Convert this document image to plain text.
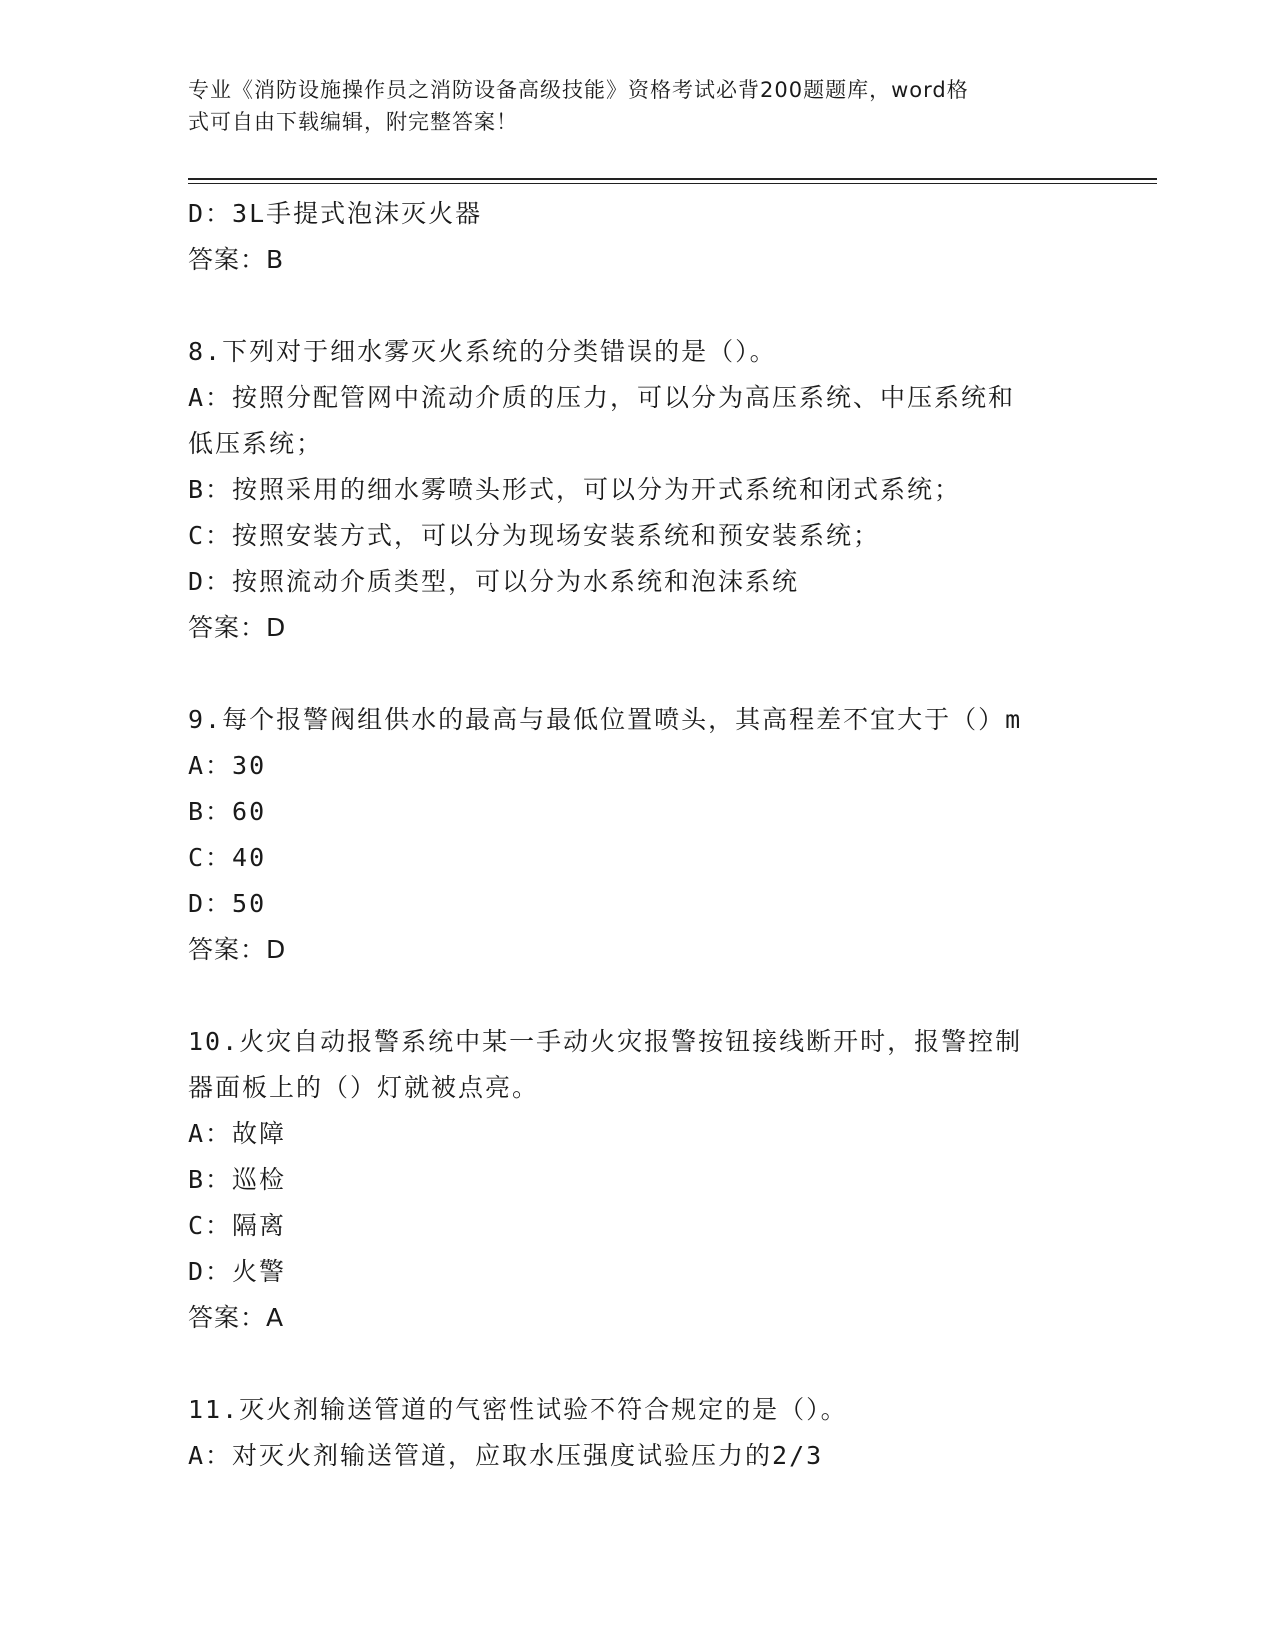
专业《消防设施操作员之消防设备高级技能》资格考试必背200题题库，word格
式可自由下载编辑，附完整答案！
D：3L手提式泡沫灭火器
答案：B
8.下列对于细水雾灭火系统的分类错误的是（）。
A：按照分配管网中流动介质的压力，可以分为高压系统、中压系统和
低压系统；
B：按照采用的细水雾喷头形式，可以分为开式系统和闭式系统；
C：按照安装方式，可以分为现场安装系统和预安装系统；
D：按照流动介质类型，可以分为水系统和泡沫系统
答案：D
9.每个报警阀组供水的最高与最低位置喷头，其高程差不宜大于（）m
A：30
B：60
C：40
D：50
答案：D
10.火灾自动报警系统中某一手动火灾报警按钮接线断开时，报警控制
器面板上的（）灯就被点亮。
A：故障
B：巡检
C：隔离
D：火警
答案：A
11.灭火剂输送管道的气密性试验不符合规定的是（）。
A：对灭火剂输送管道，应取水压强度试验压力的2/3
